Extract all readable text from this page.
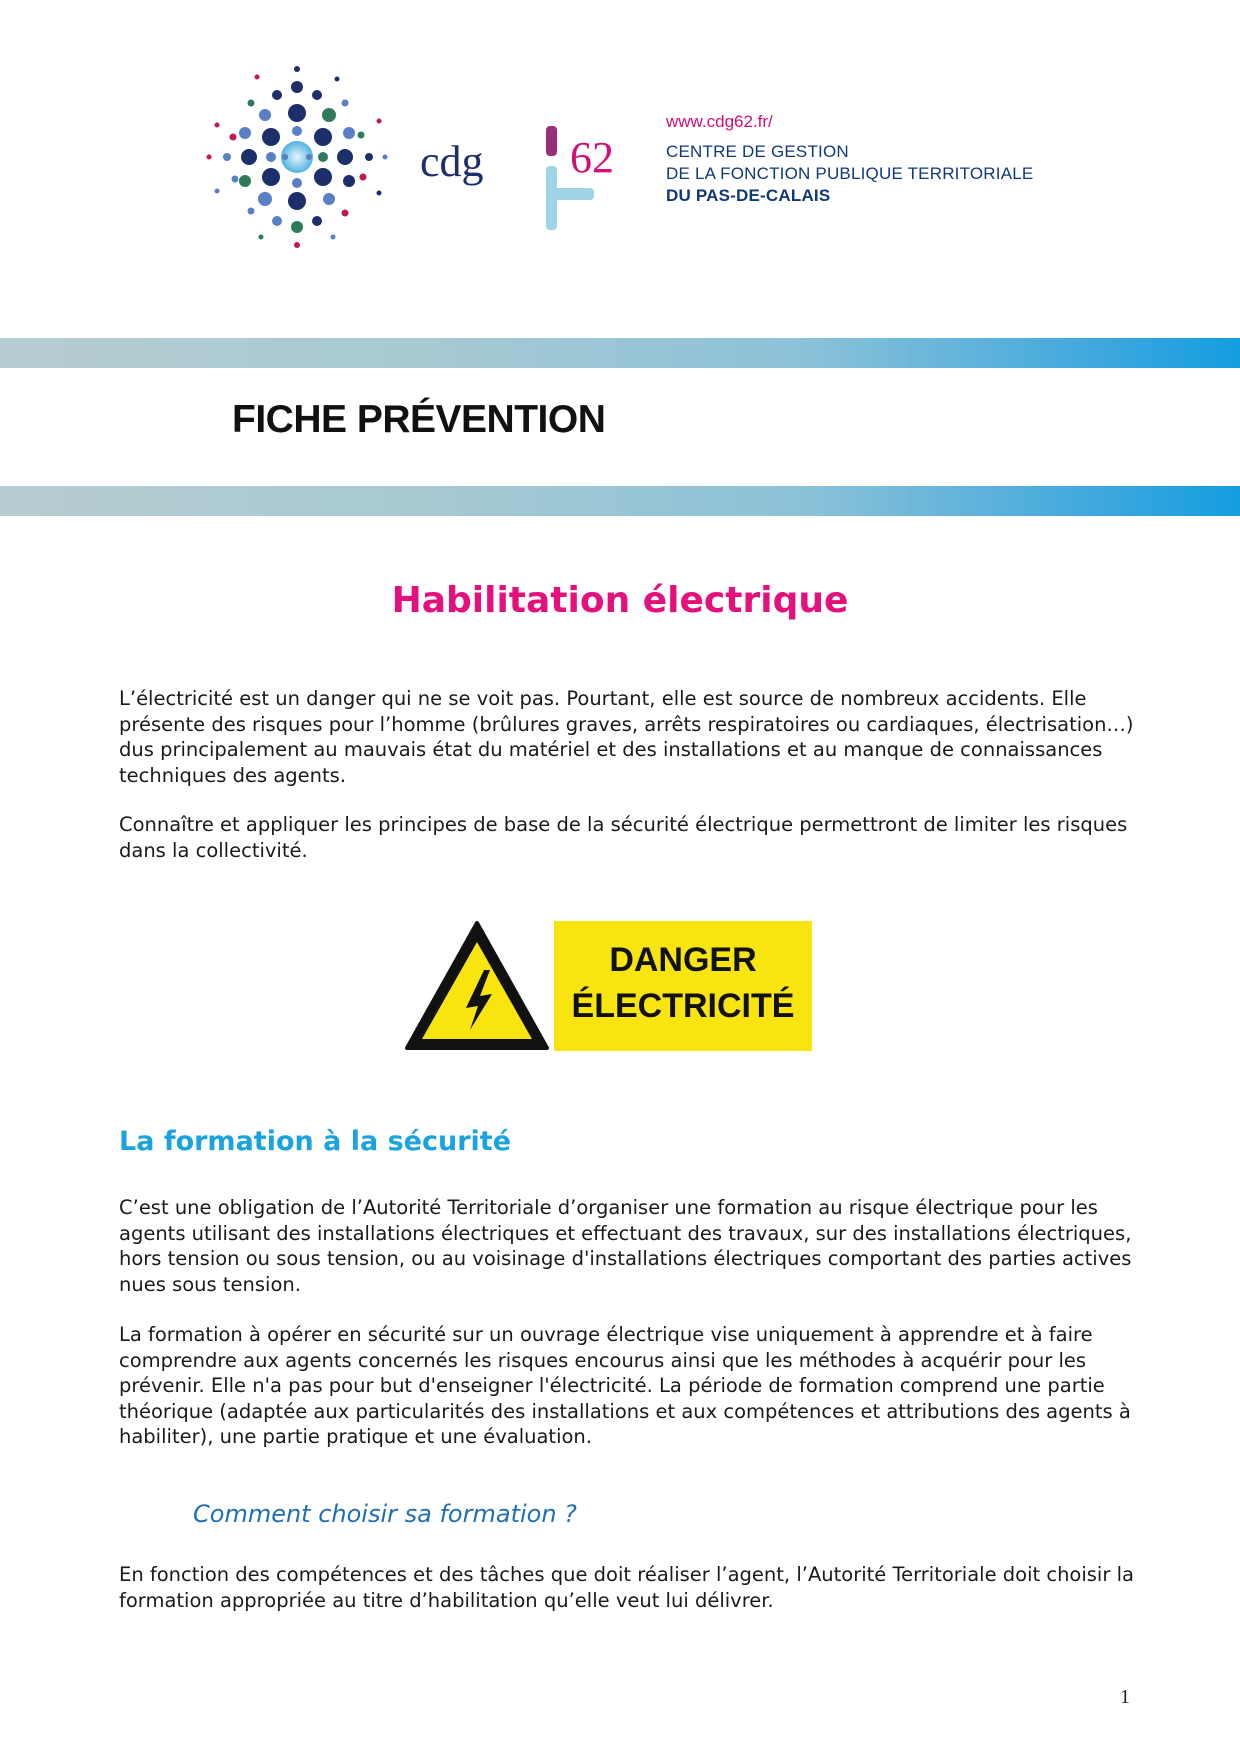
cdg 62
www.cdg62.fr/
CENTRE DE GESTION
DE LA FONCTION PUBLIQUE TERRITORIALE
DU PAS-DE-CALAIS
FICHE PRÉVENTION
Habilitation électrique
L’électricité est un danger qui ne se voit pas. Pourtant, elle est source de nombreux accidents. Elle présente des risques pour l’homme (brûlures graves, arrêts respiratoires ou cardiaques, électrisation…) dus principalement au mauvais état du matériel et des installations et au manque de connaissances techniques des agents.
Connaître et appliquer les principes de base de la sécurité électrique permettront de limiter les risques dans la collectivité.
DANGER
ÉLECTRICITÉ
La formation à la sécurité
C’est une obligation de l’Autorité Territoriale d’organiser une formation au risque électrique pour les agents utilisant des installations électriques et effectuant des travaux, sur des installations électriques, hors tension ou sous tension, ou au voisinage d'installations électriques comportant des parties actives nues sous tension.
La formation à opérer en sécurité sur un ouvrage électrique vise uniquement à apprendre et à faire comprendre aux agents concernés les risques encourus ainsi que les méthodes à acquérir pour les prévenir. Elle n'a pas pour but d'enseigner l'électricité. La période de formation comprend une partie théorique (adaptée aux particularités des installations et aux compétences et attributions des agents à habiliter), une partie pratique et une évaluation.
Comment choisir sa formation ?
En fonction des compétences et des tâches que doit réaliser l’agent, l’Autorité Territoriale doit choisir la formation appropriée au titre d’habilitation qu’elle veut lui délivrer.
1
